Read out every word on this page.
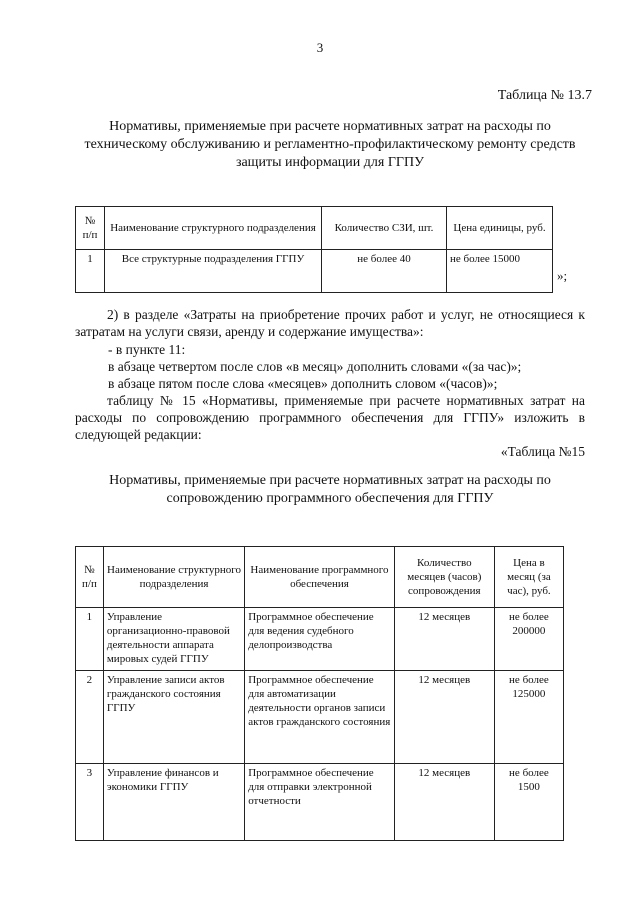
3
Таблица № 13.7
Нормативы, применяемые при расчете нормативных затрат на расходы по техническому обслуживанию и регламентно-профилактическому ремонту средств защиты информации для ГГПУ
№ п/п	Наименование структурного подразделения	Количество СЗИ, шт.	Цена единицы, руб.
1	Все структурные подразделения ГГПУ	не более 40	не более 15000
»;
2) в разделе «Затраты на приобретение прочих работ и услуг, не относящиеся к затратам на услуги связи, аренду и содержание имущества»:
- в пункте 11:
в абзаце четвертом после слов «в месяц» дополнить словами «(за час)»;
в абзаце пятом после слова «месяцев» дополнить словом «(часов)»;
таблицу № 15 «Нормативы, применяемые при расчете нормативных затрат на расходы по сопровождению программного обеспечения для ГГПУ» изложить в следующей редакции:
«Таблица №15
Нормативы, применяемые при расчете нормативных затрат на расходы по сопровождению программного обеспечения для ГГПУ
№ п/п	Наименование структурного подразделения	Наименование программного обеспечения	Количество месяцев (часов) сопровождения	Цена в месяц (за час), руб.
1	Управление организационно-правовой деятельности аппарата мировых судей ГГПУ	Программное обеспечение для ведения судебного делопроизводства	12 месяцев	не более 200000
2	Управление записи актов гражданского состояния ГГПУ	Программное обеспечение для автоматизации деятельности органов записи актов гражданского состояния	12 месяцев	не более 125000
3	Управление финансов и экономики ГГПУ	Программное обеспечение для отправки электронной отчетности	12 месяцев	не более 1500
